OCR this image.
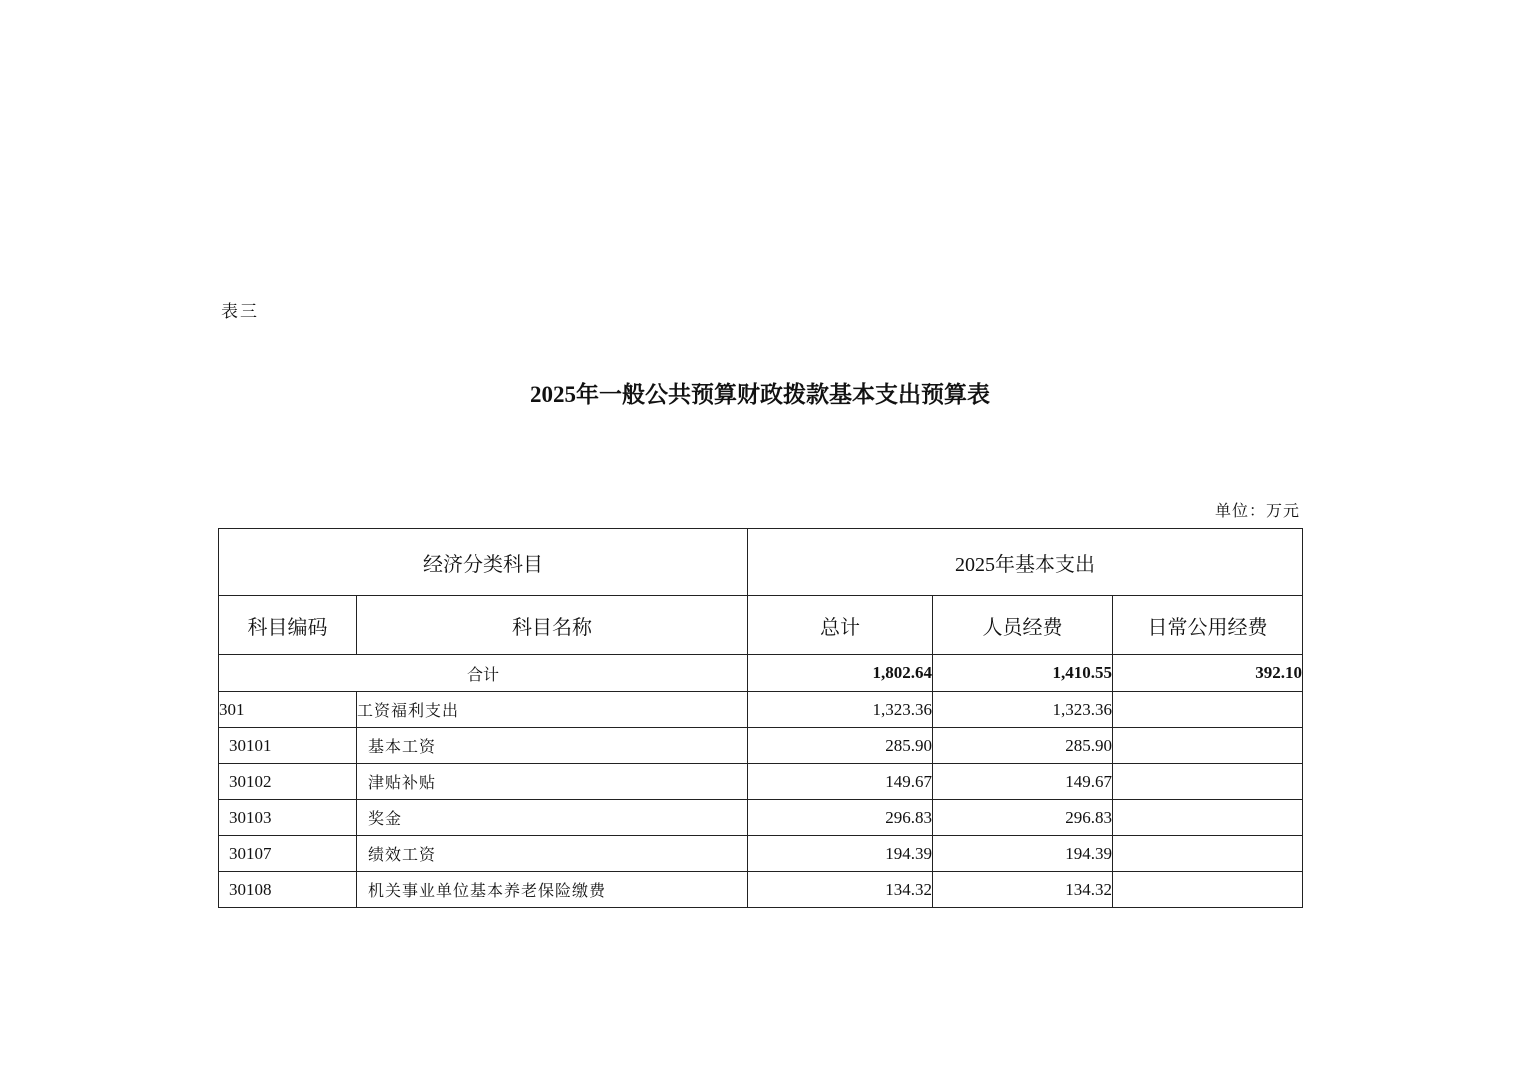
表三
2025年一般公共预算财政拨款基本支出预算表
单位：万元
经济分类科目		2025年基本支出		
科目编码	科目名称	总计	人员经费	日常公用经费
合计		1,802.64	1,410.55	392.10
301	工资福利支出	1,323.36	1,323.36	
30101	基本工资	285.90	285.90	
30102	津贴补贴	149.67	149.67	
30103	奖金	296.83	296.83	
30107	绩效工资	194.39	194.39	
30108	机关事业单位基本养老保险缴费	134.32	134.32	
